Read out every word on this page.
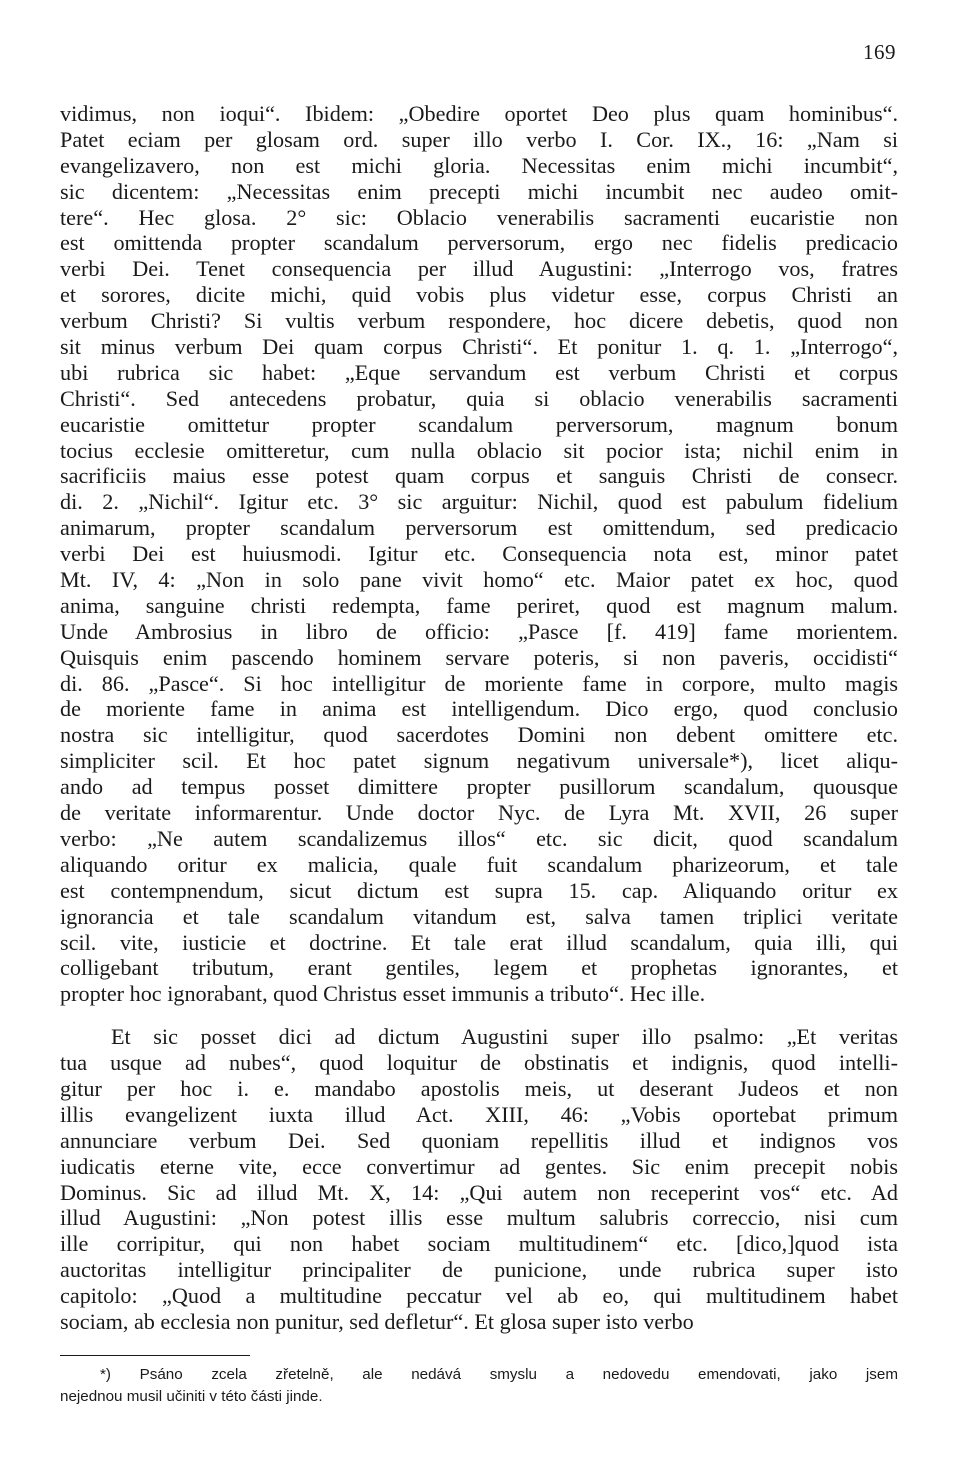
169
vidimus, non ioqui“. Ibidem: „Obedire oportet Deo plus quam hominibus“.
Patet eciam per glosam ord. super illo verbo I. Cor. IX., 16: „Nam si
evangelizavero, non est michi gloria. Necessitas enim michi incumbit“,
sic dicentem: „Necessitas enim precepti michi incumbit nec audeo omit-
tere“. Hec glosa. 2° sic: Oblacio venerabilis sacramenti eucaristie non
est omittenda propter scandalum perversorum, ergo nec fidelis predicacio
verbi Dei. Tenet consequencia per illud Augustini: „Interrogo vos, fratres
et sorores, dicite michi, quid vobis plus videtur esse, corpus Christi an
verbum Christi? Si vultis verbum respondere, hoc dicere debetis, quod non
sit minus verbum Dei quam corpus Christi“. Et ponitur 1. q. 1. „Interrogo“,
ubi rubrica sic habet: „Eque servandum est verbum Christi et corpus
Christi“. Sed antecedens probatur, quia si oblacio venerabilis sacramenti
eucaristie omittetur propter scandalum perversorum, magnum bonum
tocius ecclesie omitteretur, cum nulla oblacio sit pocior ista; nichil enim in
sacrificiis maius esse potest quam corpus et sanguis Christi de consecr.
di. 2. „Nichil“. Igitur etc. 3° sic arguitur: Nichil, quod est pabulum fidelium
animarum, propter scandalum perversorum est omittendum, sed predicacio
verbi Dei est huiusmodi. Igitur etc. Consequencia nota est, minor patet
Mt. IV, 4: „Non in solo pane vivit homo“ etc. Maior patet ex hoc, quod
anima, sanguine christi redempta, fame periret, quod est magnum malum.
Unde Ambrosius in libro de officio: „Pasce [f. 419] fame morientem.
Quisquis enim pascendo hominem servare poteris, si non paveris, occidisti“
di. 86. „Pasce“. Si hoc intelligitur de moriente fame in corpore, multo magis
de moriente fame in anima est intelligendum. Dico ergo, quod conclusio
nostra sic intelligitur, quod sacerdotes Domini non debent omittere etc.
simpliciter scil. Et hoc patet signum negativum universale*), licet aliqu-
ando ad tempus posset dimittere propter pusillorum scandalum, quousque
de veritate informarentur. Unde doctor Nyc. de Lyra Mt. XVII, 26 super
verbo: „Ne autem scandalizemus illos“ etc. sic dicit, quod scandalum
aliquando oritur ex malicia, quale fuit scandalum pharizeorum, et tale
est contempnendum, sicut dictum est supra 15. cap. Aliquando oritur ex
ignorancia et tale scandalum vitandum est, salva tamen triplici veritate
scil. vite, iusticie et doctrine. Et tale erat illud scandalum, quia illi, qui
colligebant tributum, erant gentiles, legem et prophetas ignorantes, et
propter hoc ignorabant, quod Christus esset immunis a tributo“. Hec ille.
Et sic posset dici ad dictum Augustini super illo psalmo: „Et veritas
tua usque ad nubes“, quod loquitur de obstinatis et indignis, quod intelli-
gitur per hoc i. e. mandabo apostolis meis, ut deserant Judeos et non
illis evangelizent iuxta illud Act. XIII, 46: „Vobis oportebat primum
annunciare verbum Dei. Sed quoniam repellitis illud et indignos vos
iudicatis eterne vite, ecce convertimur ad gentes. Sic enim precepit nobis
Dominus. Sic ad illud Mt. X, 14: „Qui autem non receperint vos“ etc. Ad
illud Augustini: „Non potest illis esse multum salubris correccio, nisi cum
ille corripitur, qui non habet sociam multitudinem“ etc. [dico,]quod ista
auctoritas intelligitur principaliter de punicione, unde rubrica super isto
capitolo: „Quod a multitudine peccatur vel ab eo, qui multitudinem habet
sociam, ab ecclesia non punitur, sed defletur“. Et glosa super isto verbo
*) Psáno zcela zřetelně, ale nedává smyslu a nedovedu emendovati, jako jsem
nejednou musil učiniti v této části jinde.
